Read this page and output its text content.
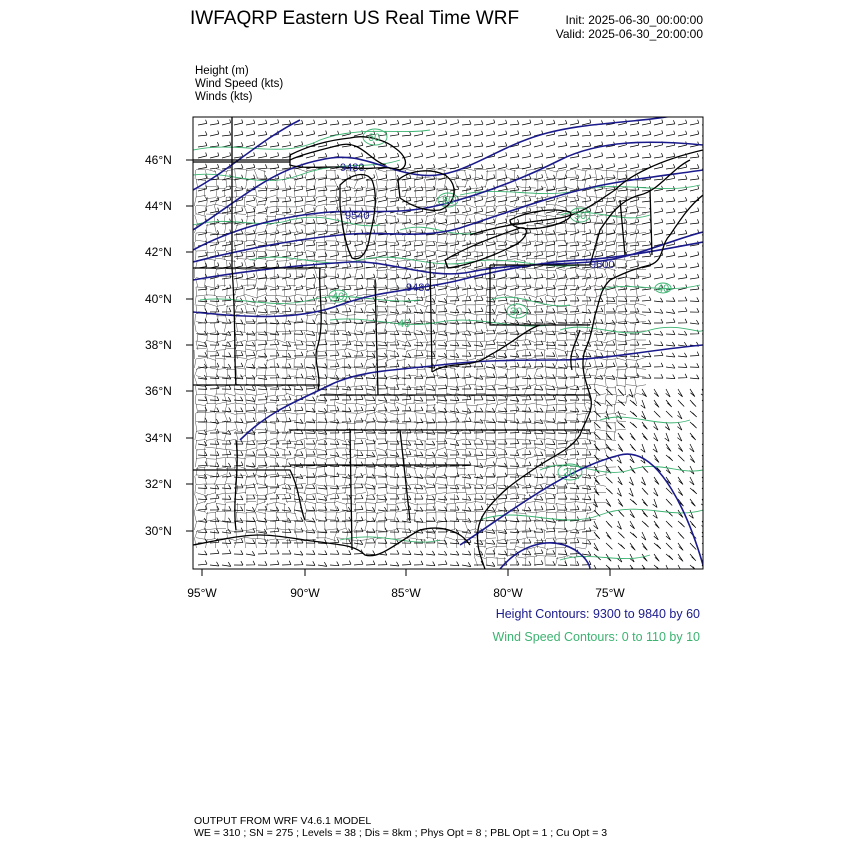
IWFAQRP Eastern US Real Time WRF	Init: 2025-06-30_00:00:00
Valid: 2025-06-30_20:00:00
Height (m)
Wind Speed (kts)
Winds (kts)
9480
9540
9480
9600
60
80
50
40
30
40
40
20
46°N
44°N
42°N
40°N
38°N
36°N
34°N
32°N
30°N
95°W	90°W	85°W	80°W	75°W
Height Contours: 9300 to 9840 by 60
Wind Speed Contours: 0 to 110 by 10
OUTPUT FROM WRF V4.6.1 MODEL
WE = 310 ; SN = 275 ; Levels = 38 ; Dis = 8km ; Phys Opt = 8 ; PBL Opt = 1 ; Cu Opt = 3
